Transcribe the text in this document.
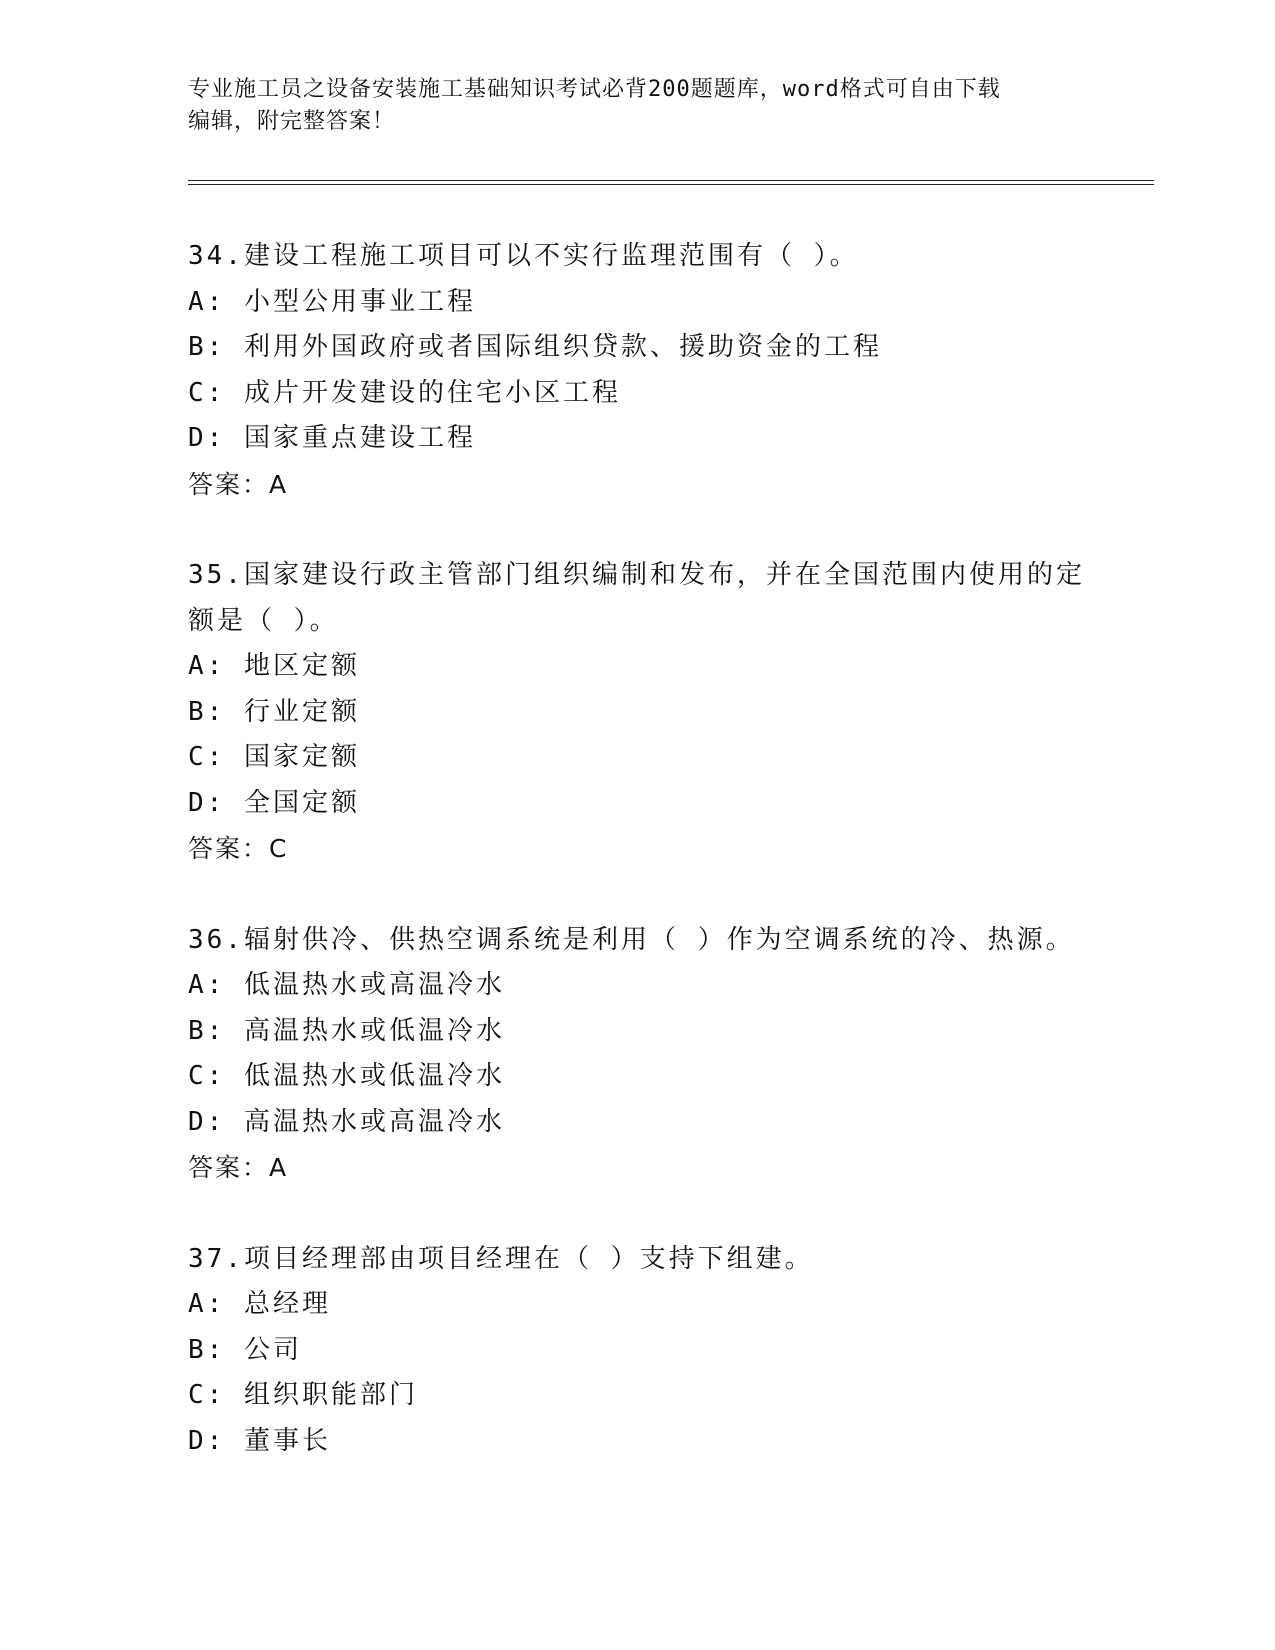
专业施工员之设备安装施工基础知识考试必背200题题库，word格式可自由下载
编辑，附完整答案！
34.建设工程施工项目可以不实行监理范围有（ ）。
A: 小型公用事业工程
B: 利用外国政府或者国际组织贷款、援助资金的工程
C: 成片开发建设的住宅小区工程
D: 国家重点建设工程
答案：A
35.国家建设行政主管部门组织编制和发布，并在全国范围内使用的定
额是（ ）。
A: 地区定额
B: 行业定额
C: 国家定额
D: 全国定额
答案：C
36.辐射供冷、供热空调系统是利用（ ）作为空调系统的冷、热源。
A: 低温热水或高温冷水
B: 高温热水或低温冷水
C: 低温热水或低温冷水
D: 高温热水或高温冷水
答案：A
37.项目经理部由项目经理在（ ）支持下组建。
A: 总经理
B: 公司
C: 组织职能部门
D: 董事长
